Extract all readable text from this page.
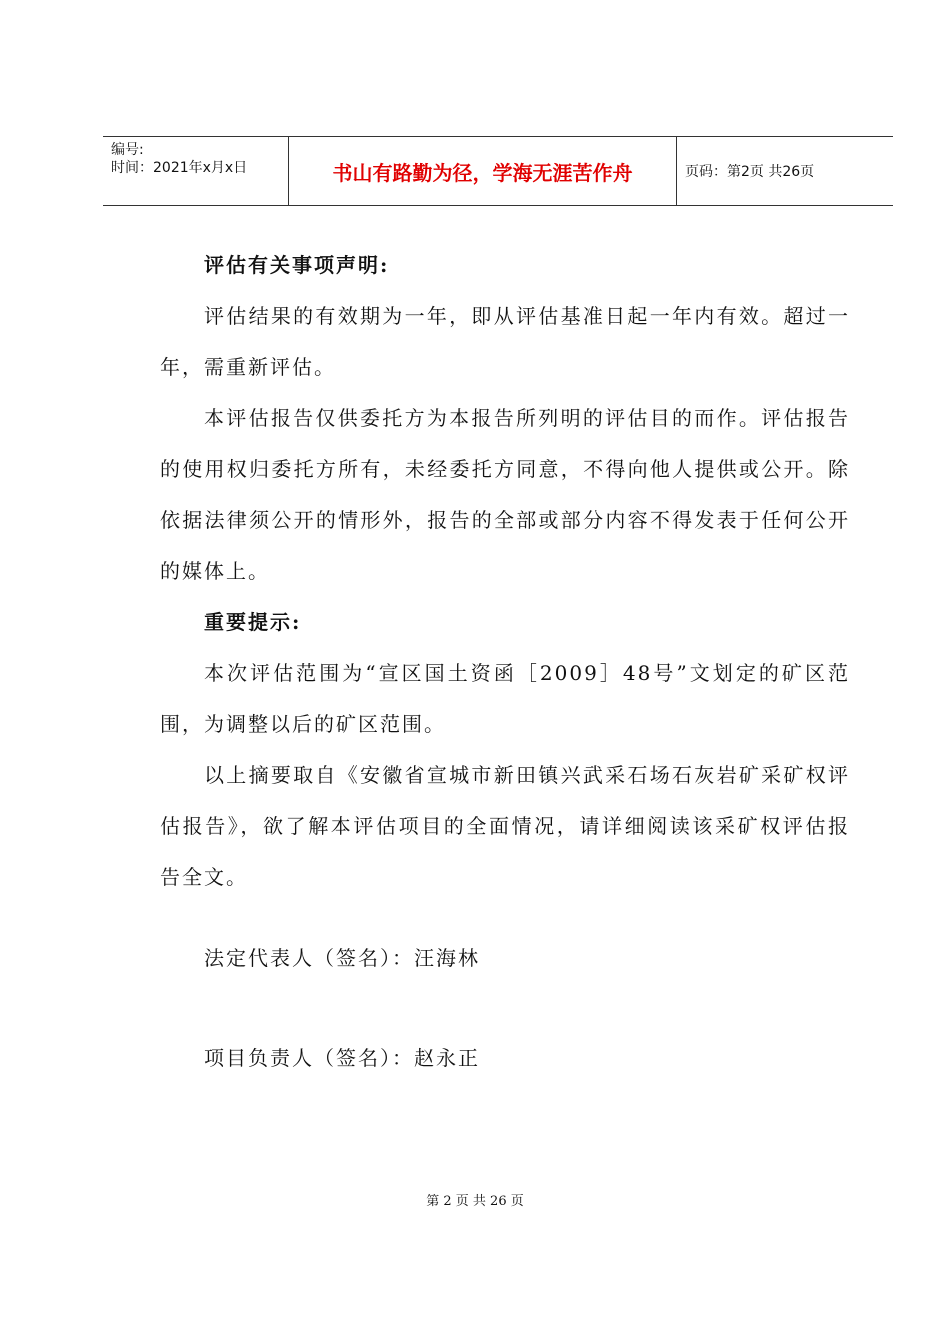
编号:
时间：2021年x月x日	书山有路勤为径，学海无涯苦作舟	页码：第2页 共26页

评估有关事项声明:

评估结果的有效期为一年，即从评估基准日起一年内有效。超过一年，需重新评估。

本评估报告仅供委托方为本报告所列明的评估目的而作。评估报告的使用权归委托方所有，未经委托方同意，不得向他人提供或公开。除依据法律须公开的情形外，报告的全部或部分内容不得发表于任何公开的媒体上。

重要提示:

本次评估范围为“宣区国土资函［2009］48号”文划定的矿区范围，为调整以后的矿区范围。

以上摘要取自《安徽省宣城市新田镇兴武采石场石灰岩矿采矿权评估报告》，欲了解本评估项目的全面情况，请详细阅读该采矿权评估报告全文。

法定代表人（签名）：汪海林
项目负责人（签名）：赵永正
第 2 页 共 26 页
